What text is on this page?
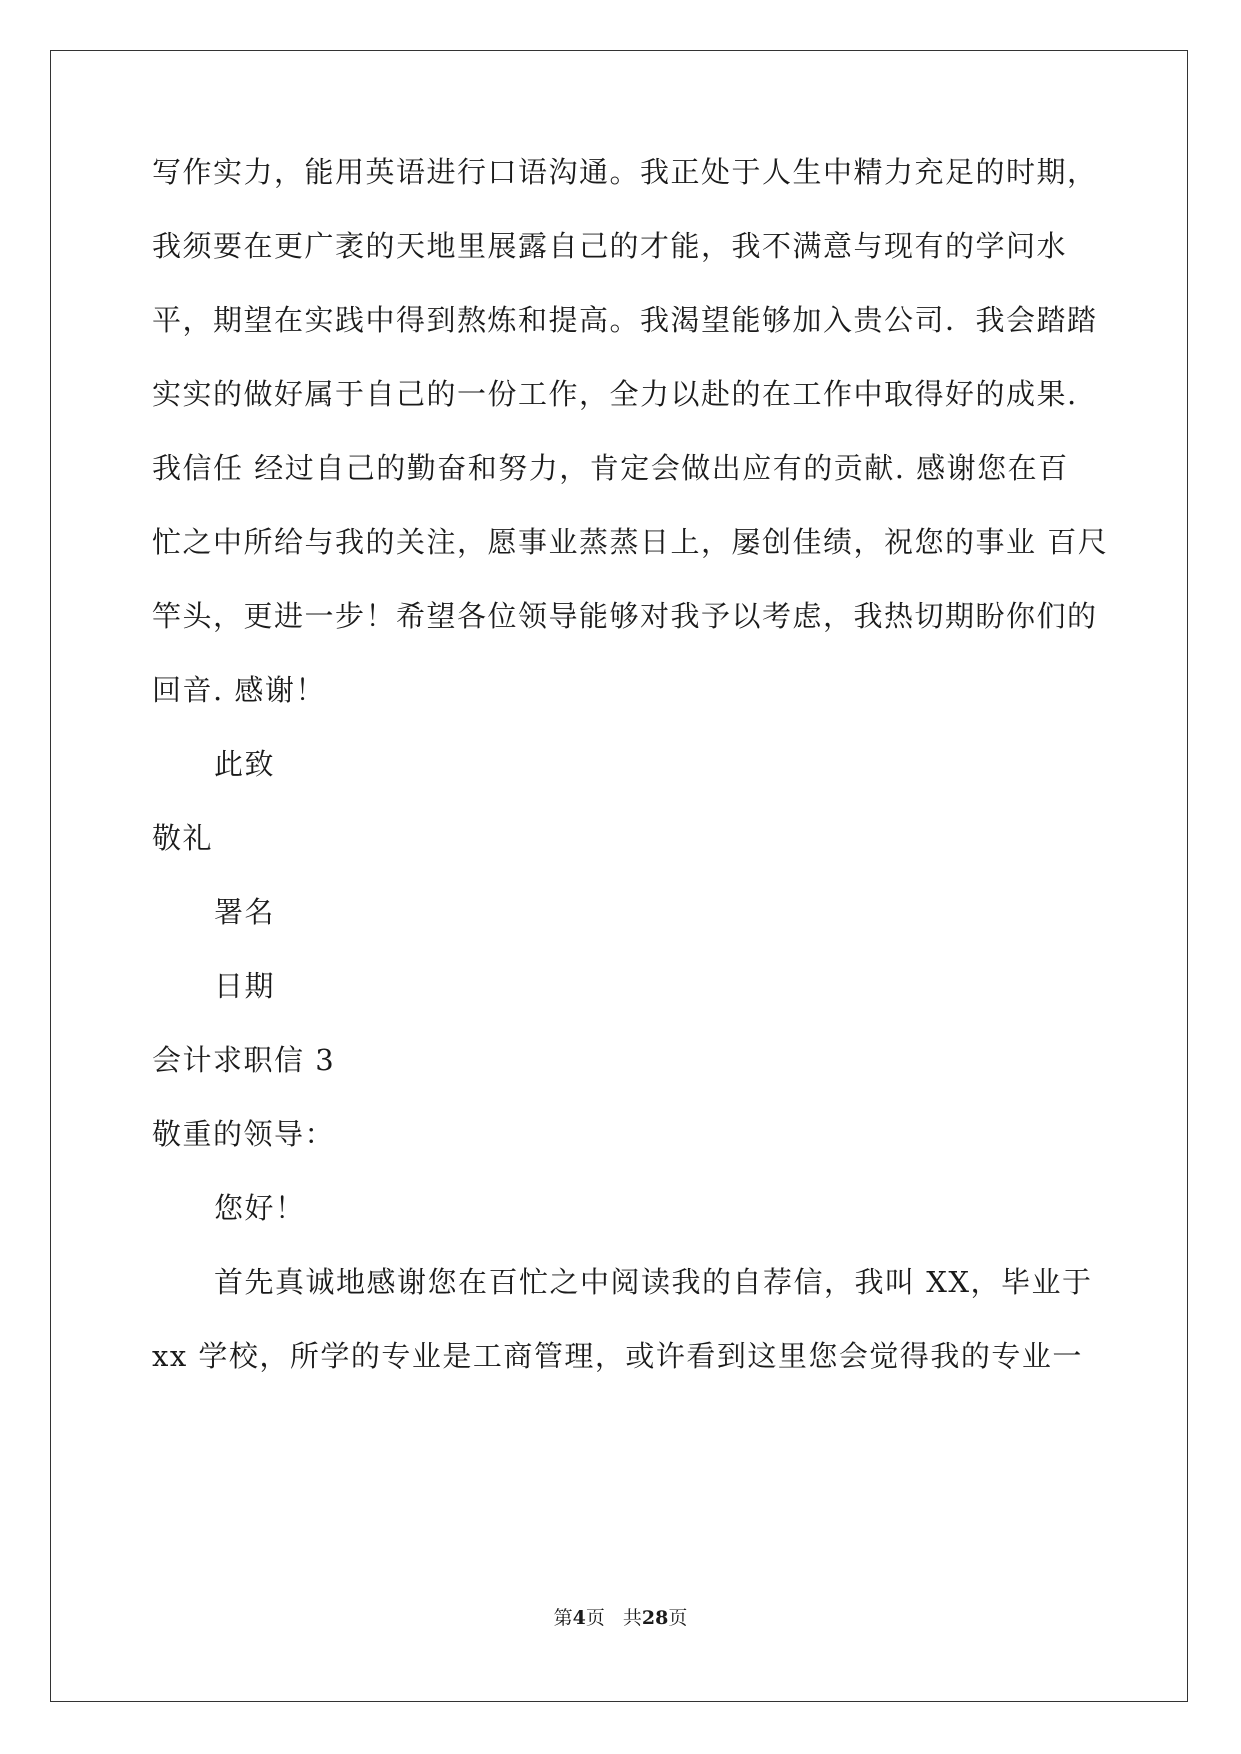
写作实力，能用英语进行口语沟通。我正处于人生中精力充足的时期，
我须要在更广袤的天地里展露自己的才能，我不满意与现有的学问水
平，期望在实践中得到熬炼和提高。我渴望能够加入贵公司．我会踏踏
实实的做好属于自己的一份工作，全力以赴的在工作中取得好的成果.
我信任 经过自己的勤奋和努力，肯定会做出应有的贡献. 感谢您在百
忙之中所给与我的关注，愿事业蒸蒸日上，屡创佳绩，祝您的事业 百尺
竿头，更进一步！希望各位领导能够对我予以考虑，我热切期盼你们的
回音. 感谢！
此致
敬礼
署名
日期
会计求职信 3
敬重的领导：
您好！
首先真诚地感谢您在百忙之中阅读我的自荐信，我叫 XX，毕业于
xx 学校，所学的专业是工商管理，或许看到这里您会觉得我的专业一
第4页 共28页
